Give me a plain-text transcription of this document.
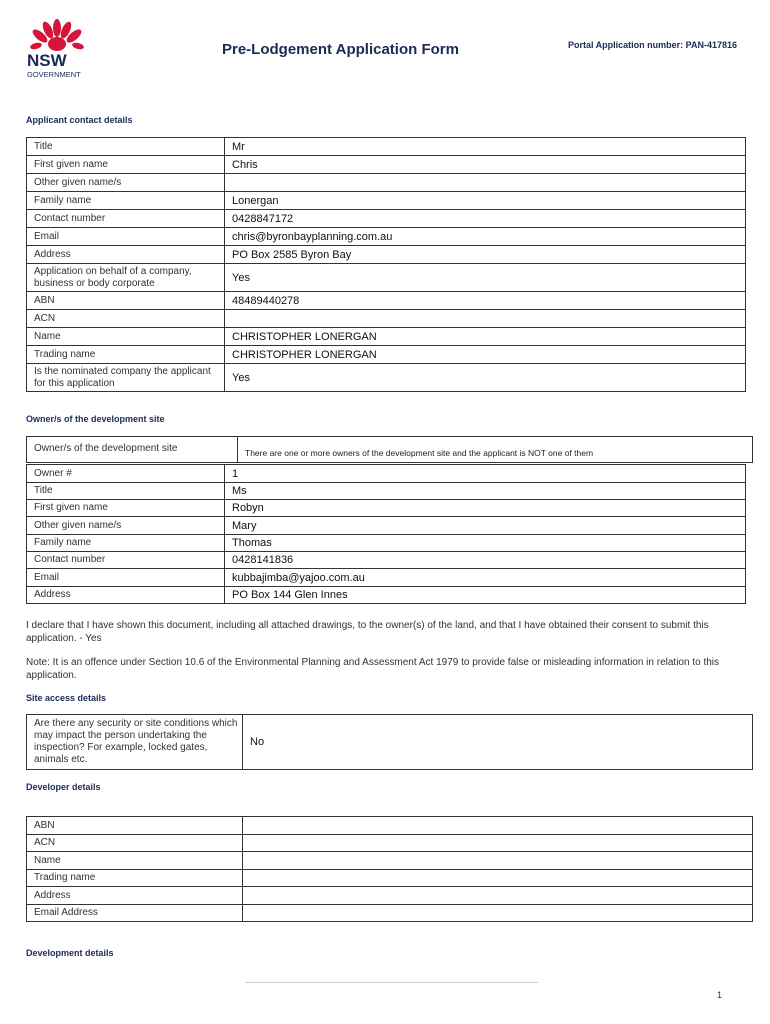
NSW
GOVERNMENT
Pre-Lodgement Application Form	Portal Application number: PAN-417816
Applicant contact details
Title	Mr
First given name	Chris
Other given name/s	
Family name	Lonergan
Contact number	0428847172
Email	chris@byronbayplanning.com.au
Address	PO Box 2585 Byron Bay
Application on behalf of a company, business or body corporate	Yes
ABN	48489440278
ACN	
Name	CHRISTOPHER LONERGAN
Trading name	CHRISTOPHER LONERGAN
Is the nominated company the applicant for this application	Yes
Owner/s of the development site
Owner/s of the development site	There are one or more owners of the development site and the applicant is NOT one of them
Owner #	1
Title	Ms
First given name	Robyn
Other given name/s	Mary
Family name	Thomas
Contact number	0428141836
Email	kubbajimba@yajoo.com.au
Address	PO Box 144 Glen Innes
I declare that I have shown this document, including all attached drawings, to the owner(s) of the land, and that I have obtained their consent to submit this application. - Yes
Note: It is an offence under Section 10.6 of the Environmental Planning and Assessment Act 1979 to provide false or misleading information in relation to this application.
Site access details
Are there any security or site conditions which may impact the person undertaking the inspection? For example, locked gates, animals etc.	No
Developer details
ABN	
ACN	
Name	
Trading name	
Address	
Email Address	
Development details
1
